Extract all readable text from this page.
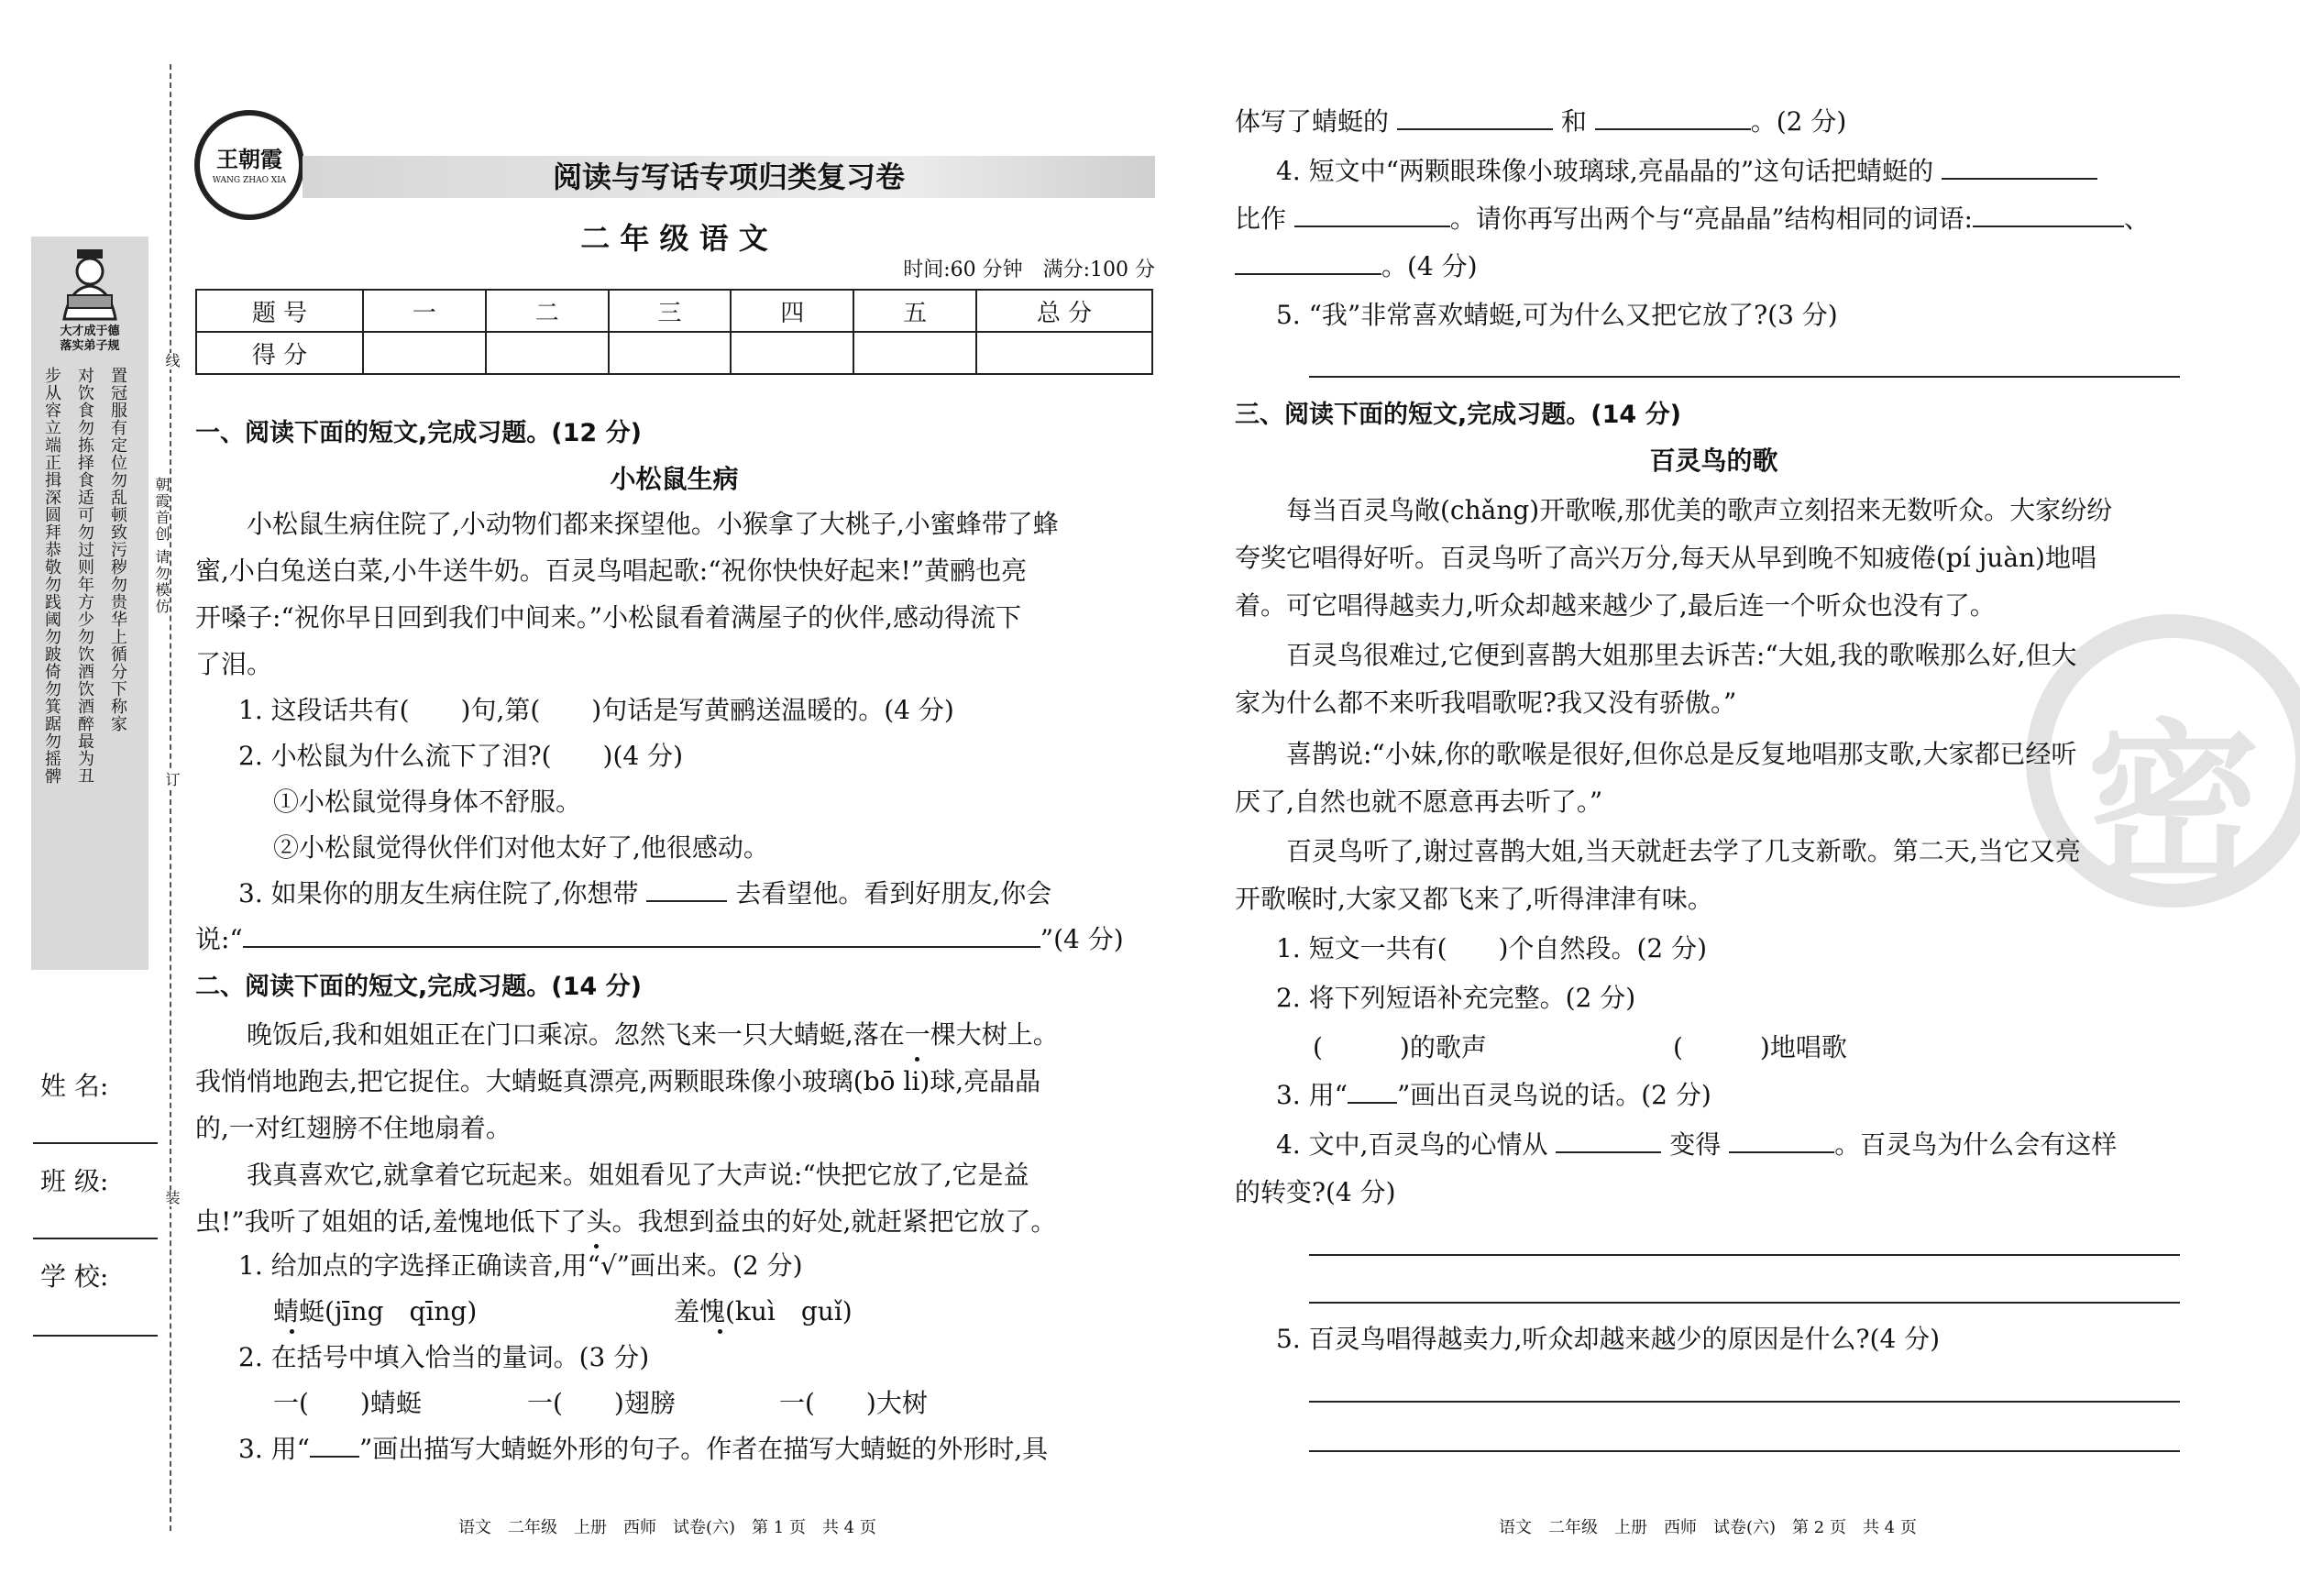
大才成于德
落实弟子规
步从容立端正揖深圆拜恭敬勿践阈勿跛倚勿箕踞勿摇髀 对饮食勿拣择食适可勿过则年方少勿饮酒饮酒醉最为丑 置冠服有定位勿乱顿致污秽勿贵华上循分下称家 朝霞首创 请勿模仿
线
订
装
姓 名:
班 级:
学 校:
王朝霞
WANG ZHAO XIA	阅读与写话专项归类复习卷
二 年 级 语 文
时间:60 分钟　满分:100 分
题 号	一	二	三	四	五	总 分
得 分						
一、阅读下面的短文,完成习题。(12 分)
小松鼠生病
　　小松鼠生病住院了,小动物们都来探望他。小猴拿了大桃子,小蜜蜂带了蜂
蜜,小白兔送白菜,小牛送牛奶。百灵鸟唱起歌:“祝你快快好起来!”黄鹂也亮
开嗓子:“祝你早日回到我们中间来。”小松鼠看着满屋子的伙伴,感动得流下
了泪。
1. 这段话共有(　　)句,第(　　)句话是写黄鹂送温暖的。(4 分)
2. 小松鼠为什么流下了泪?(　　)(4 分)
①小松鼠觉得身体不舒服。
②小松鼠觉得伙伴们对他太好了,他很感动。
3. 如果你的朋友生病住院了,你想带	去看望他。看到好朋友,你会
说:“	”(4 分)
二、阅读下面的短文,完成习题。(14 分)
　　晚饭后,我和姐姐正在门口乘凉。忽然飞来一只大蜻蜓,落在一棵大树上。
我悄悄地跑去,把它捉住。大蜻蜓真漂亮,两颗眼珠像小玻璃(bō li)球,亮晶晶
的,一对红翅膀不住地扇着。
　　我真喜欢它,就拿着它玩起来。姐姐看见了大声说:“快把它放了,它是益
虫!”我听了姐姐的话,羞愧地低下了头。我想到益虫的好处,就赶紧把它放了。
1. 给加点的字选择正确读音,用“√”画出来。(2 分)
蜻蜓(jīng　qīng)	羞愧(kuì　guǐ)
2. 在括号中填入恰当的量词。(3 分)
一(　　)蜻蜓	一(　　)翅膀	一(　　)大树
3. 用“ ”画出描写大蜻蜓外形的句子。作者在描写大蜻蜓的外形时,具
语文　二年级　上册　西师　试卷(六)　第 1 页　共 4 页
密
体写了蜻蜓的	和	。(2 分)
4. 短文中“两颗眼珠像小玻璃球,亮晶晶的”这句话把蜻蜓的
比作	。请你再写出两个与“亮晶晶”结构相同的词语:	、
。(4 分)
5. “我”非常喜欢蜻蜓,可为什么又把它放了?(3 分)
三、阅读下面的短文,完成习题。(14 分)
百灵鸟的歌
　　每当百灵鸟敞(chǎng)开歌喉,那优美的歌声立刻招来无数听众。大家纷纷
夸奖它唱得好听。百灵鸟听了高兴万分,每天从早到晚不知疲倦(pí juàn)地唱
着。可它唱得越卖力,听众却越来越少了,最后连一个听众也没有了。
　　百灵鸟很难过,它便到喜鹊大姐那里去诉苦:“大姐,我的歌喉那么好,但大
家为什么都不来听我唱歌呢?我又没有骄傲。”
　　喜鹊说:“小妹,你的歌喉是很好,但你总是反复地唱那支歌,大家都已经听
厌了,自然也就不愿意再去听了。”
　　百灵鸟听了,谢过喜鹊大姐,当天就赶去学了几支新歌。第二天,当它又亮
开歌喉时,大家又都飞来了,听得津津有味。
1. 短文一共有(　　)个自然段。(2 分)
2. 将下列短语补充完整。(2 分)
(　　　)的歌声	(　　　)地唱歌
3. 用“ ”画出百灵鸟说的话。(2 分)
4. 文中,百灵鸟的心情从	变得	。百灵鸟为什么会有这样
的转变?(4 分)
5. 百灵鸟唱得越卖力,听众却越来越少的原因是什么?(4 分)
语文　二年级　上册　西师　试卷(六)　第 2 页　共 4 页
